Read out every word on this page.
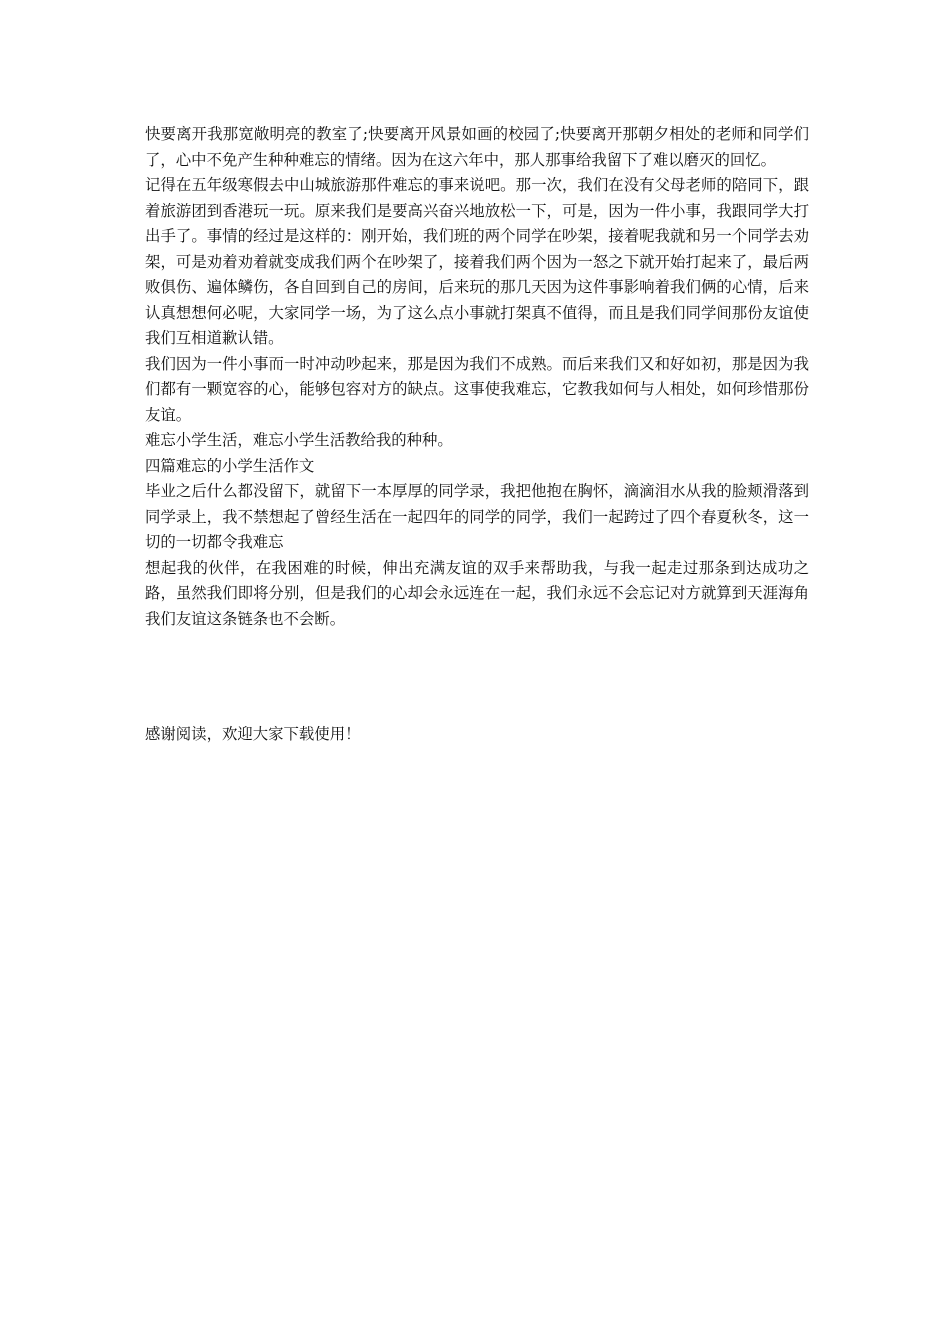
快要离开我那宽敞明亮的教室了;快要离开风景如画的校园了;快要离开那朝夕相处的老师和同学们了，心中不免产生种种难忘的情绪。因为在这六年中，那人那事给我留下了难以磨灭的回忆。

记得在五年级寒假去中山城旅游那件难忘的事来说吧。那一次，我们在没有父母老师的陪同下，跟着旅游团到香港玩一玩。原来我们是要高兴奋兴地放松一下，可是，因为一件小事，我跟同学大打出手了。事情的经过是这样的：刚开始，我们班的两个同学在吵架，接着呢我就和另一个同学去劝架，可是劝着劝着就变成我们两个在吵架了，接着我们两个因为一怒之下就开始打起来了，最后两败俱伤、遍体鳞伤，各自回到自己的房间，后来玩的那几天因为这件事影响着我们俩的心情，后来认真想想何必呢，大家同学一场，为了这么点小事就打架真不值得，而且是我们同学间那份友谊使我们互相道歉认错。

我们因为一件小事而一时冲动吵起来，那是因为我们不成熟。而后来我们又和好如初，那是因为我们都有一颗宽容的心，能够包容对方的缺点。这事使我难忘，它教我如何与人相处，如何珍惜那份友谊。

难忘小学生活，难忘小学生活教给我的种种。

四篇难忘的小学生活作文

毕业之后什么都没留下，就留下一本厚厚的同学录，我把他抱在胸怀，滴滴泪水从我的脸颊滑落到同学录上，我不禁想起了曾经生活在一起四年的同学的同学，我们一起跨过了四个春夏秋冬，这一切的一切都令我难忘

想起我的伙伴，在我困难的时候，伸出充满友谊的双手来帮助我，与我一起走过那条到达成功之路，虽然我们即将分别，但是我们的心却会永远连在一起，我们永远不会忘记对方就算到天涯海角我们友谊这条链条也不会断。

感谢阅读，欢迎大家下载使用！
